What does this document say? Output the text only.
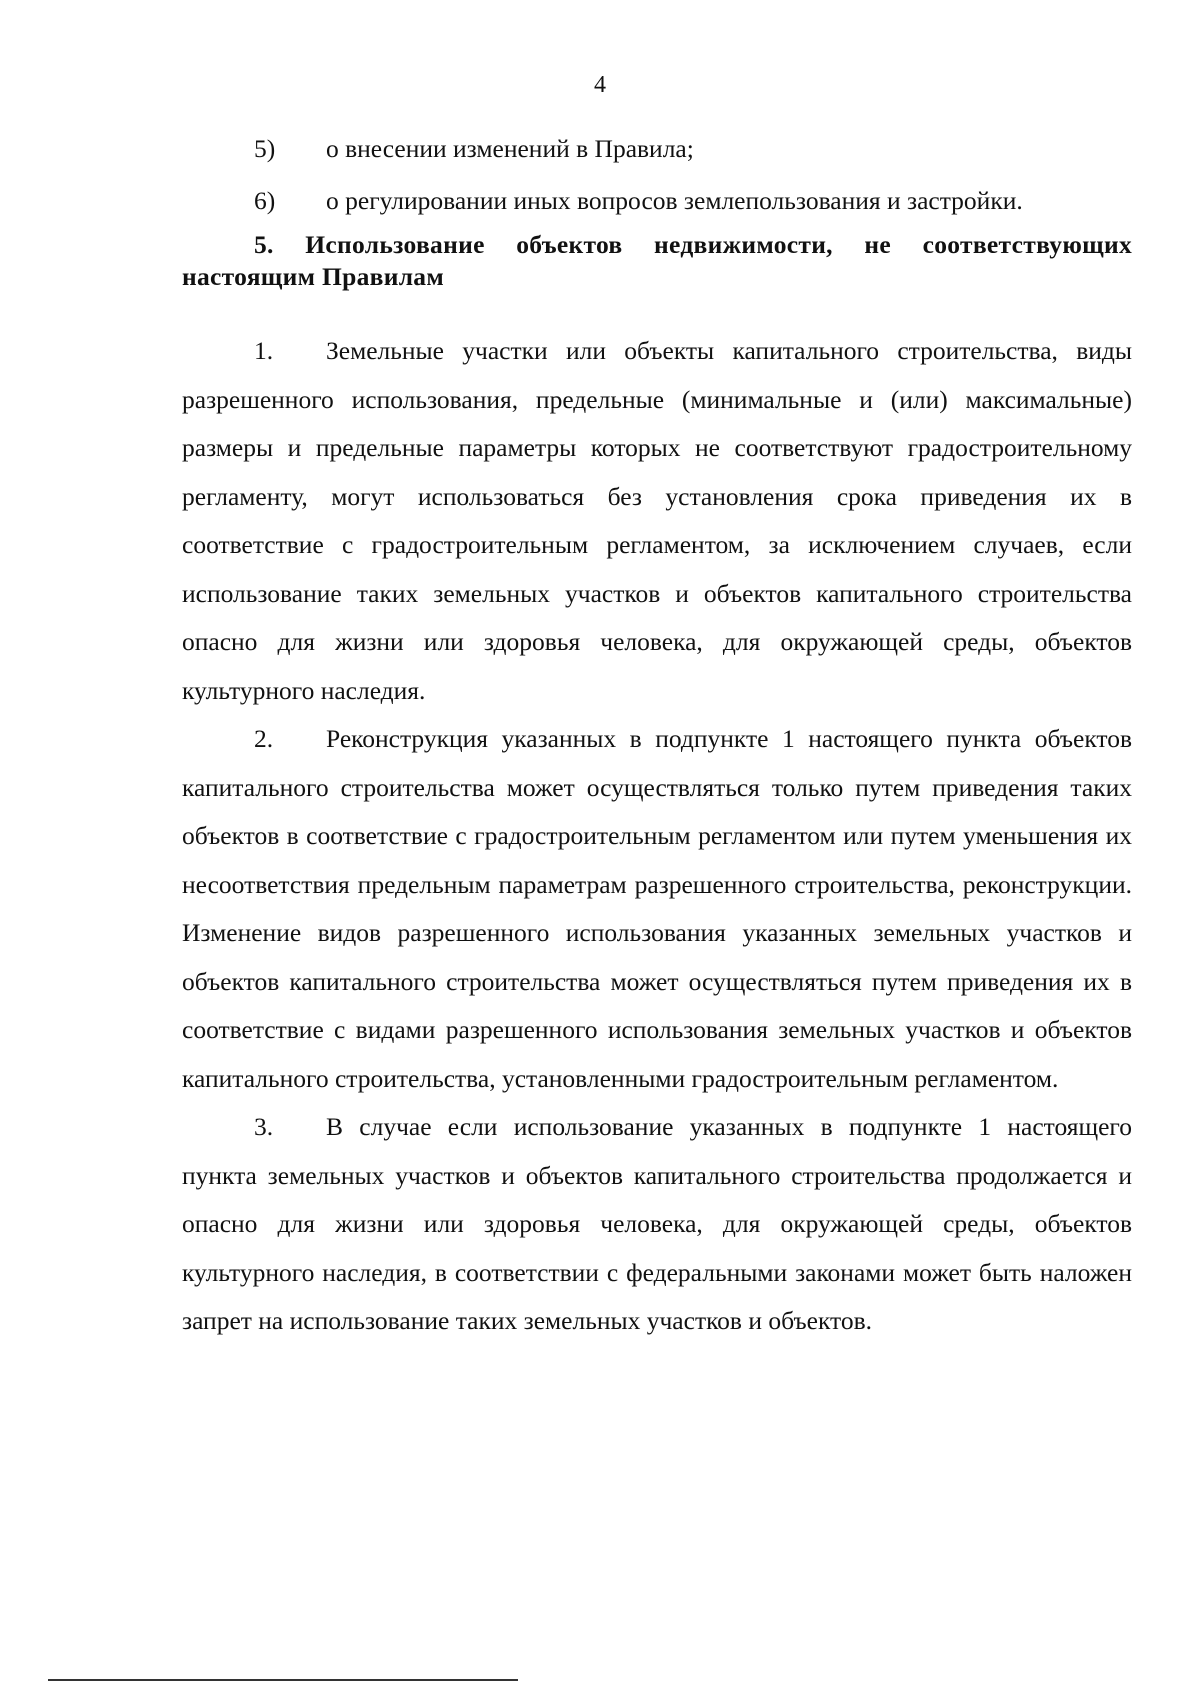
4
5)	о внесении изменений в Правила;
6)	о регулировании иных вопросов землепользования и застройки.
5. Использование объектов недвижимости, не соответствующих настоящим Правилам

1. Земельные участки или объекты капитального строительства, виды разрешенного использования, предельные (минимальные и (или) максимальные) размеры и предельные параметры которых не соответствуют градостроительному регламенту, могут использоваться без установления срока приведения их в соответствие с градостроительным регламентом, за исключением случаев, если использование таких земельных участков и объектов капитального строительства опасно для жизни или здоровья человека, для окружающей среды, объектов культурного наследия.

2. Реконструкция указанных в подпункте 1 настоящего пункта объектов капитального строительства может осуществляться только путем приведения таких объектов в соответствие с градостроительным регламентом или путем уменьшения их несоответствия предельным параметрам разрешенного строительства, реконструкции. Изменение видов разрешенного использования указанных земельных участков и объектов капитального строительства может осуществляться путем приведения их в соответствие с видами разрешенного использования земельных участков и объектов капитального строительства, установленными градостроительным регламентом.

3. В случае если использование указанных в подпункте 1 настоящего пункта земельных участков и объектов капитального строительства продолжается и опасно для жизни или здоровья человека, для окружающей среды, объектов культурного наследия, в соответствии с федеральными законами может быть наложен запрет на использование таких земельных участков и объектов.
